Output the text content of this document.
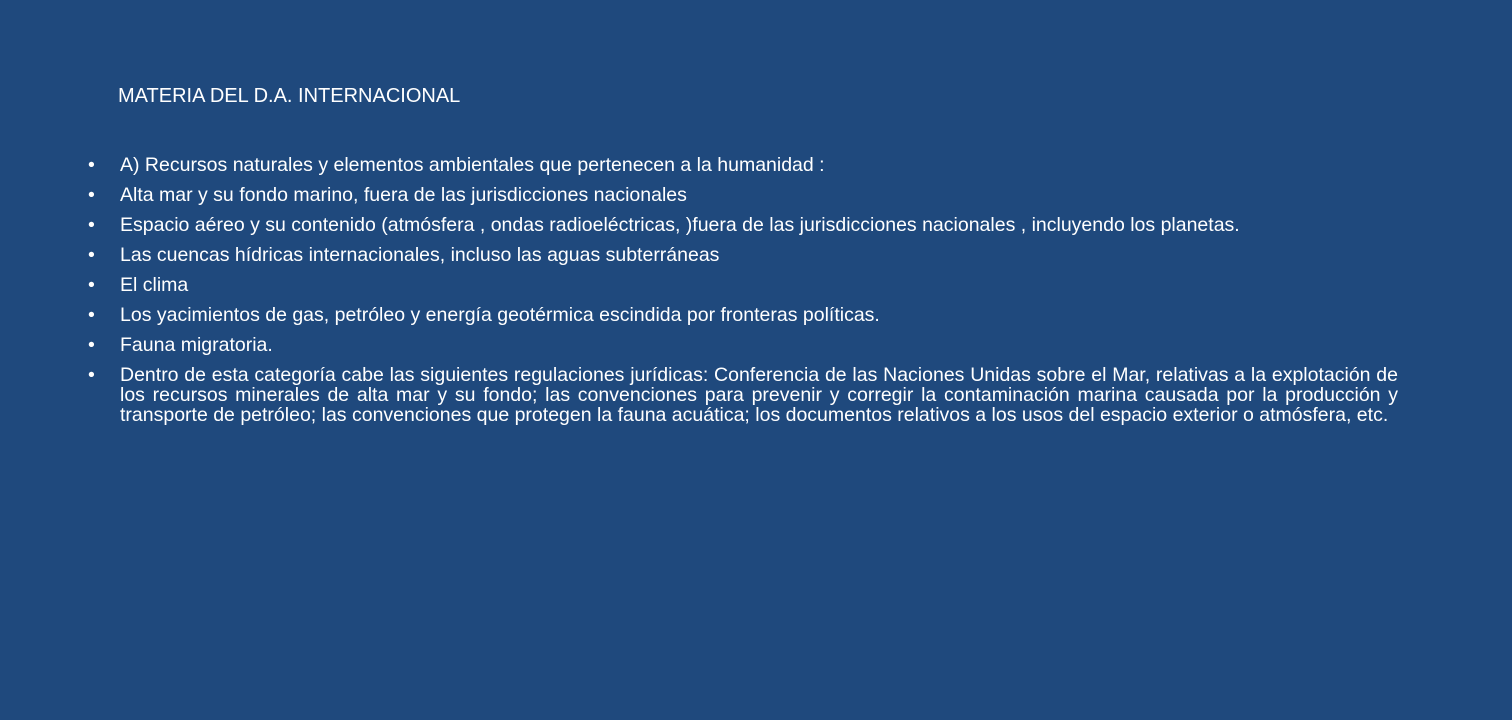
MATERIA DEL D.A. INTERNACIONAL
•	A) Recursos naturales y elementos ambientales que pertenecen a la humanidad :
•	Alta mar y su fondo marino, fuera de las jurisdicciones nacionales
•	Espacio aéreo y su contenido (atmósfera , ondas radioeléctricas, )fuera de las jurisdicciones nacionales , incluyendo los planetas.
•	Las cuencas hídricas internacionales, incluso las aguas subterráneas
•	El clima
•	Los yacimientos de gas, petróleo y energía geotérmica escindida por fronteras políticas.
•	Fauna migratoria.
•	Dentro de esta categoría cabe las siguientes regulaciones jurídicas: Conferencia de las Naciones Unidas sobre el Mar, relativas a la explotación de los recursos minerales de alta mar y su fondo; las convenciones para prevenir y corregir la contaminación marina causada por la producción y transporte de petróleo; las convenciones que protegen la fauna acuática; los documentos relativos a los usos del espacio exterior o atmósfera, etc.
